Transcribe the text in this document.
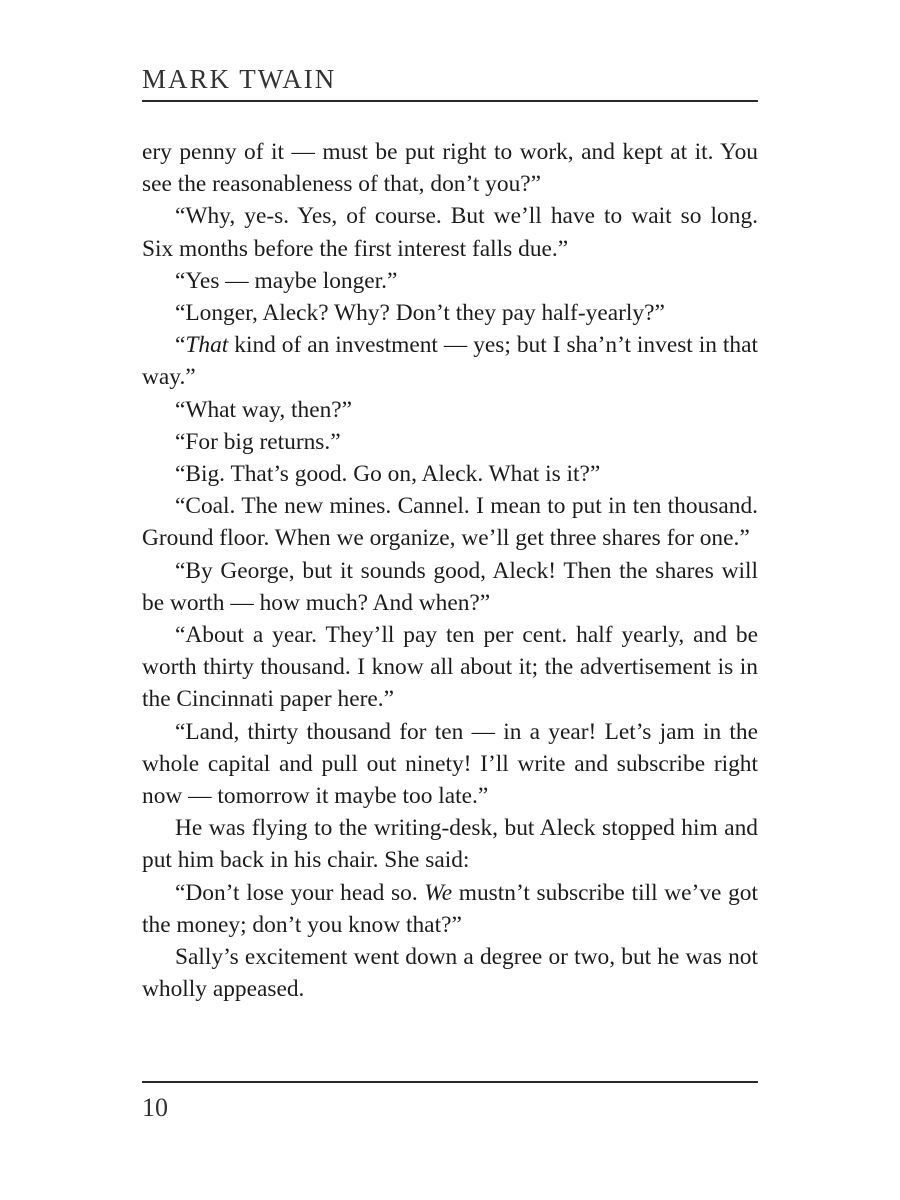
MARK TWAIN

ery penny of it — must be put right to work, and kept at it. You see the reasonableness of that, don’t you?”

“Why, ye-s. Yes, of course. But we’ll have to wait so long. Six months before the first interest falls due.”

“Yes — maybe longer.”

“Longer, Aleck? Why? Don’t they pay half-yearly?”

“That kind of an investment — yes; but I sha’n’t invest in that way.”

“What way, then?”

“For big returns.”

“Big. That’s good. Go on, Aleck. What is it?”

“Coal. The new mines. Cannel. I mean to put in ten thousand. Ground floor. When we organize, we’ll get three shares for one.”

“By George, but it sounds good, Aleck! Then the shares will be worth — how much? And when?”

“About a year. They’ll pay ten per cent. half yearly, and be worth thirty thousand. I know all about it; the advertisement is in the Cincinnati paper here.”

“Land, thirty thousand for ten — in a year! Let’s jam in the whole capital and pull out ninety! I’ll write and subscribe right now — tomorrow it maybe too late.”

He was flying to the writing-desk, but Aleck stopped him and put him back in his chair. She said:

“Don’t lose your head so. We mustn’t subscribe till we’ve got the money; don’t you know that?”

Sally’s excitement went down a degree or two, but he was not wholly appeased.

10
